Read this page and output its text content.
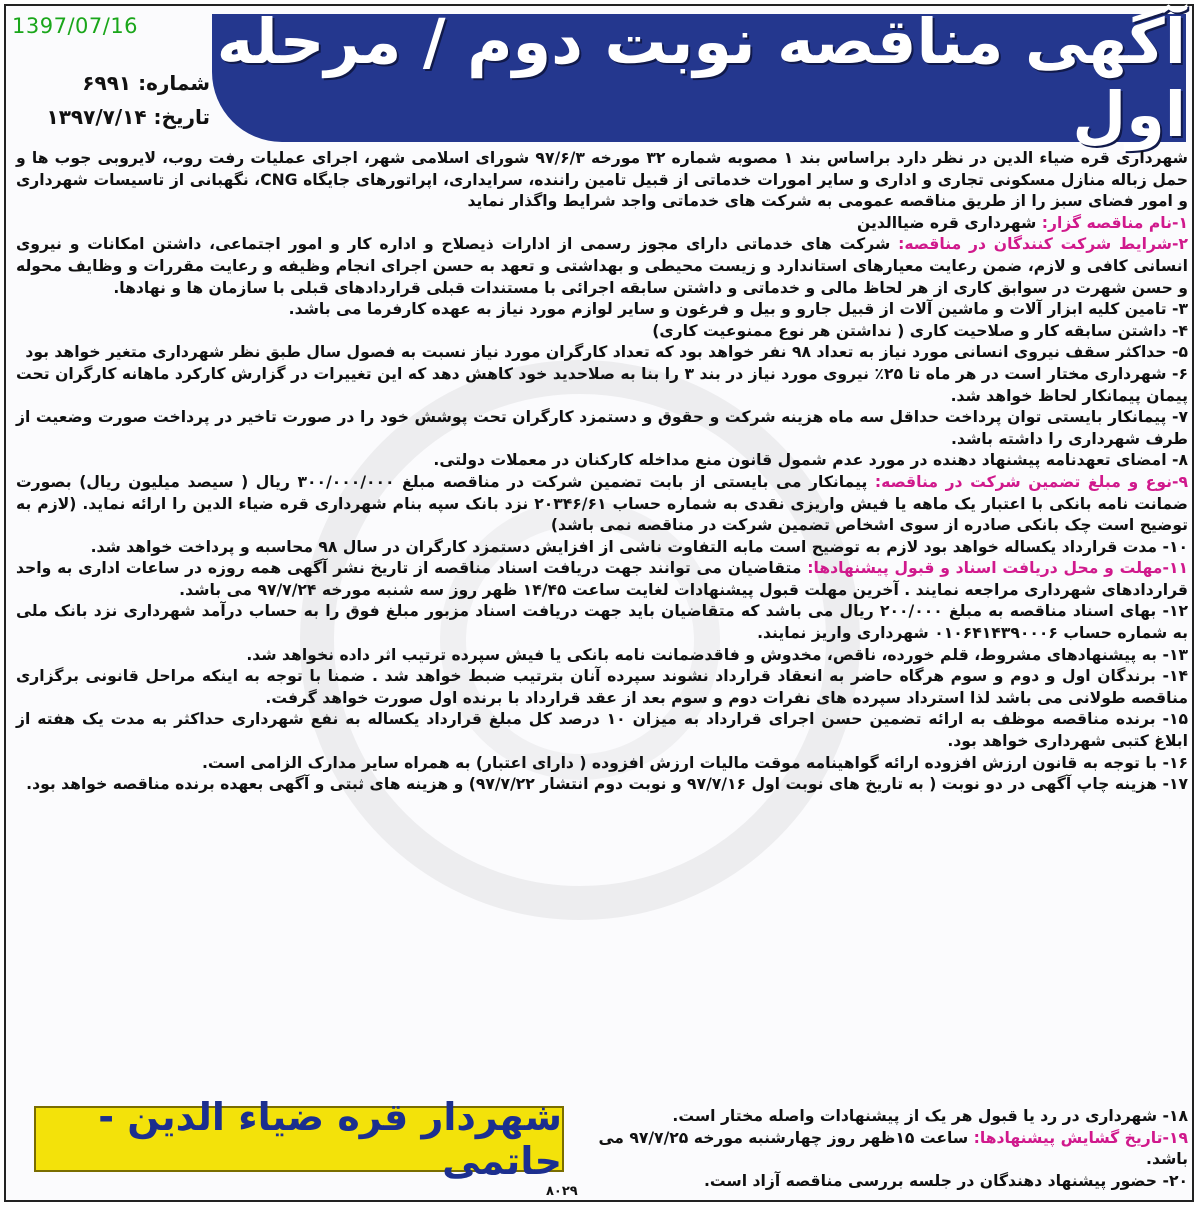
1397/07/16 آگهی مناقصه نوبت دوم / مرحله اول
شماره: ۶۹۹۱
تاریخ: ۱۳۹۷/۷/۱۴

شهرداری قره ضیاء الدین در نظر دارد براساس بند ۱ مصوبه شماره ۳۲ مورخه ۹۷/۶/۳ شورای اسلامی شهر، اجرای عملیات رفت روب، لایروبی جوب ها و حمل زباله منازل مسکونی تجاری و اداری و سایر امورات خدماتی از قبیل تامین راننده، سرایداری، اپراتورهای جایگاه CNG، نگهبانی از تاسیسات شهرداری و امور فضای سبز را از طریق مناقصه عمومی به شرکت های خدماتی واجد شرایط واگذار نماید

۱-نام مناقصه گزار: شهرداری قره ضیاالدین

۲-شرایط شرکت کنندگان در مناقصه: شرکت های خدماتی دارای مجوز رسمی از ادارات ذیصلاح و اداره کار و امور اجتماعی، داشتن امکانات و نیروی انسانی کافی و لازم، ضمن رعایت معیارهای استاندارد و زیست محیطی و بهداشتی و تعهد به حسن اجرای انجام وظیفه و رعایت مقررات و وظایف محوله و حسن شهرت در سوابق کاری از هر لحاظ مالی و خدماتی و داشتن سابقه اجرائی با مستندات قبلی قراردادهای قبلی با سازمان ها و نهادها.

۳- تامین کلیه ابزار آلات و ماشین آلات از قبیل جارو و بیل و فرغون و سایر لوازم مورد نیاز به عهده کارفرما می باشد.

۴- داشتن سابقه کار و صلاحیت کاری ( نداشتن هر نوع ممنوعیت کاری)

۵- حداکثر سقف نیروی انسانی مورد نیاز به تعداد ۹۸ نفر خواهد بود که تعداد کارگران مورد نیاز نسبت به فصول سال طبق نظر شهرداری متغیر خواهد بود

۶- شهرداری مختار است در هر ماه تا ۲۵٪ نیروی مورد نیاز در بند ۳ را بنا به صلاحدید خود کاهش دهد که این تغییرات در گزارش کارکرد ماهانه کارگران تحت پیمان پیمانکار لحاظ خواهد شد.

۷- پیمانکار بایستی توان پرداخت حداقل سه ماه هزینه شرکت و حقوق و دستمزد کارگران تحت پوشش خود را در صورت تاخیر در پرداخت صورت وضعیت از طرف شهرداری را داشته باشد.

۸- امضای تعهدنامه پیشنهاد دهنده در مورد عدم شمول قانون منع مداخله کارکنان در معملات دولتی.

۹-نوع و مبلغ تضمین شرکت در مناقصه: پیمانکار می بایستی از بابت تضمین شرکت در مناقصه مبلغ ۳۰۰/۰۰۰/۰۰۰ ریال ( سیصد میلیون ریال) بصورت ضمانت نامه بانکی با اعتبار یک ماهه یا فیش واریزی نقدی به شماره حساب ۲۰۳۴۶/۶۱ نزد بانک سپه بنام شهرداری قره ضیاء الدین را ارائه نماید. (لازم به توضیح است چک بانکی صادره از سوی اشخاص تضمین شرکت در مناقصه نمی باشد)

۱۰- مدت قرارداد یکساله خواهد بود لازم به توضیح است مابه التفاوت ناشی از افزایش دستمزد کارگران در سال ۹۸ محاسبه و پرداخت خواهد شد.

۱۱-مهلت و محل دریافت اسناد و قبول پیشنهادها: متقاضیان می توانند جهت دریافت اسناد مناقصه از تاریخ نشر آگهی همه روزه در ساعات اداری به واحد قراردادهای شهرداری مراجعه نمایند . آخرین مهلت قبول پیشنهادات لغایت ساعت ۱۴/۴۵ ظهر روز سه شنبه مورخه ۹۷/۷/۲۴ می باشد.

۱۲- بهای اسناد مناقصه به مبلغ ۲۰۰/۰۰۰ ریال می باشد که متقاضیان باید جهت دریافت اسناد مزبور مبلغ فوق را به حساب درآمد شهرداری نزد بانک ملی به شماره حساب ۰۱۰۶۴۱۴۳۹۰۰۰۶ شهرداری واریز نمایند.

۱۳- به پیشنهادهای مشروط، قلم خورده، ناقص، مخدوش و فاقدضمانت نامه بانکی یا فیش سپرده ترتیب اثر داده نخواهد شد.

۱۴- برندگان اول و دوم و سوم هرگاه حاضر به انعقاد قرارداد نشوند سپرده آنان بترتیب ضبط خواهد شد . ضمنا با توجه به اینکه مراحل قانونی برگزاری مناقصه طولانی می باشد لذا استرداد سپرده های نفرات دوم و سوم بعد از عقد قرارداد با برنده اول صورت خواهد گرفت.

۱۵- برنده مناقصه موظف به ارائه تضمین حسن اجرای قرارداد به میزان ۱۰ درصد کل مبلغ قرارداد یکساله به نفع شهرداری حداکثر به مدت یک هفته از ابلاغ کتبی شهرداری خواهد بود.

۱۶- با توجه به قانون ارزش افزوده ارائه گواهینامه موقت مالیات ارزش افزوده ( دارای اعتبار) به همراه سایر مدارک الزامی است.

۱۷- هزینه چاپ آگهی در دو نوبت ( به تاریخ های نوبت اول ۹۷/۷/۱۶ و نوبت دوم انتشار ۹۷/۷/۲۲) و هزینه های ثبتی و آگهی بعهده برنده مناقصه خواهد بود.

شهردار قره ضیاء الدین - حاتمی
۸۰۲۹

۱۸- شهرداری در رد یا قبول هر یک از پیشنهادات واصله مختار است.

۱۹-تاریخ گشایش پیشنهادها: ساعت ۱۵ظهر روز چهارشنبه مورخه ۹۷/۷/۲۵ می باشد.

۲۰- حضور پیشنهاد دهندگان در جلسه بررسی مناقصه آزاد است.
